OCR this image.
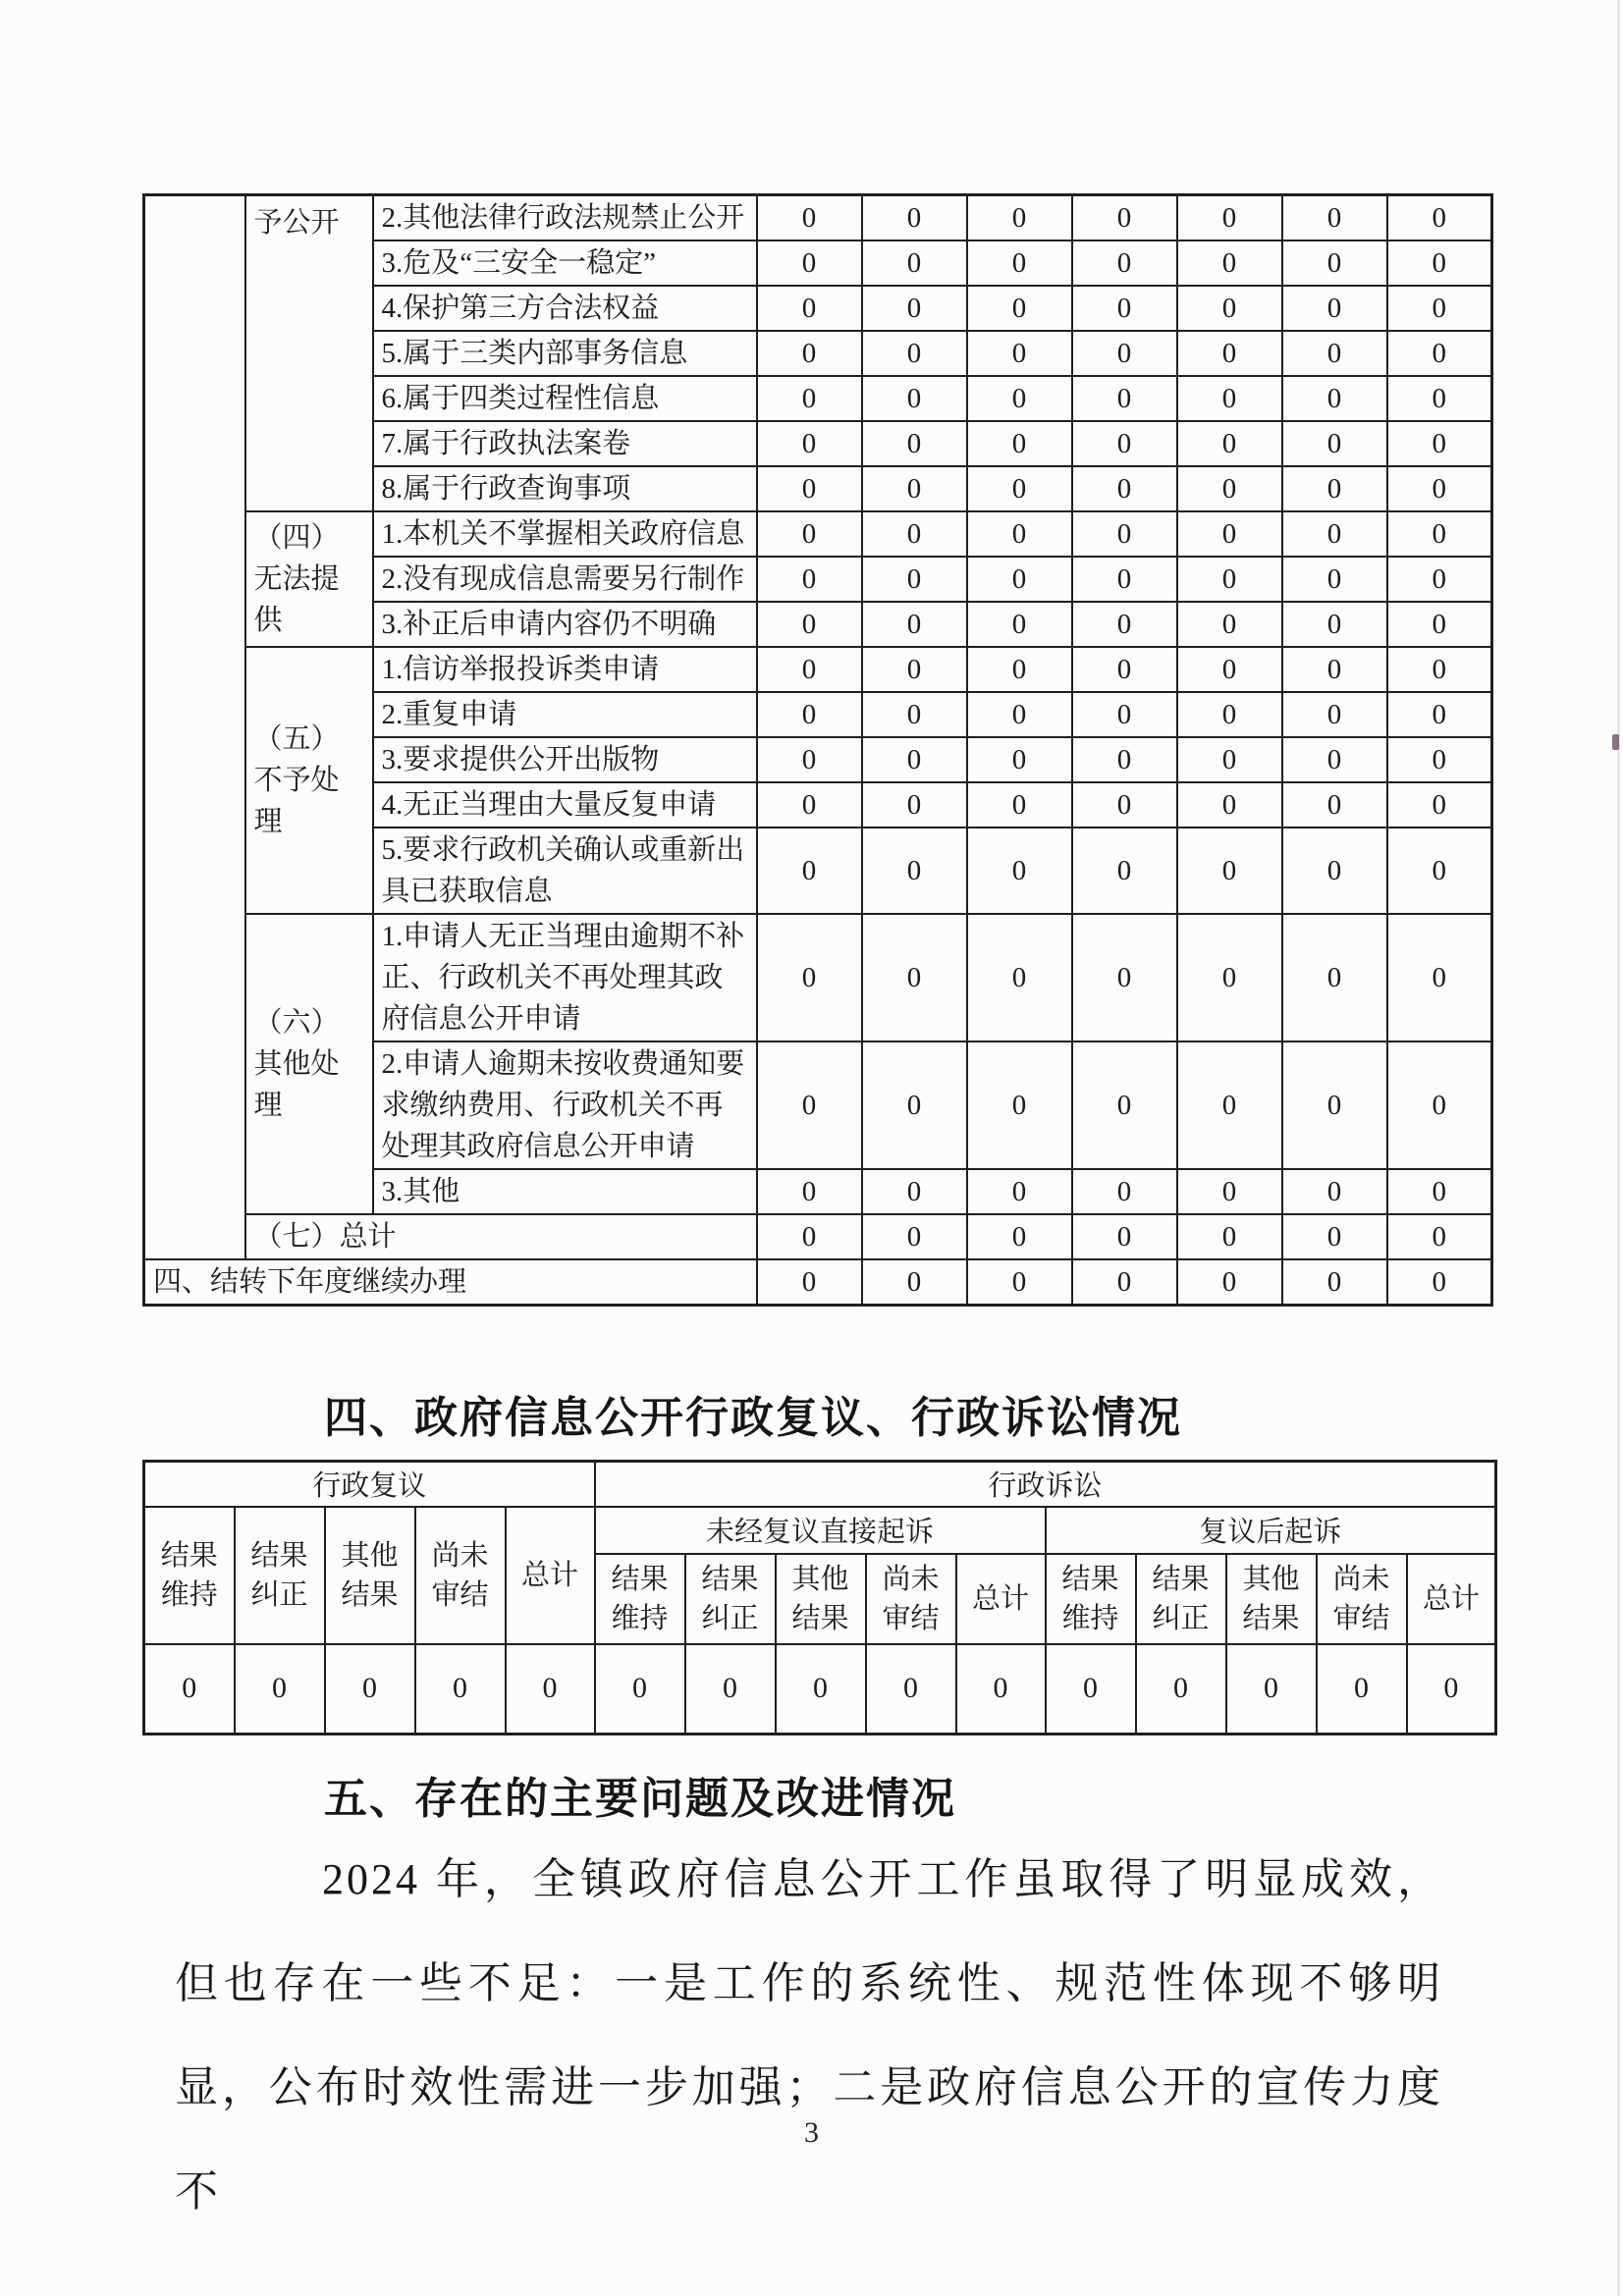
	予公开	2.其他法律行政法规禁止公开	0	0	0	0	0	0	0
		3.危及“三安全一稳定”	0	0	0	0	0	0	0
		4.保护第三方合法权益	0	0	0	0	0	0	0
		5.属于三类内部事务信息	0	0	0	0	0	0	0
		6.属于四类过程性信息	0	0	0	0	0	0	0
		7.属于行政执法案卷	0	0	0	0	0	0	0
		8.属于行政查询事项	0	0	0	0	0	0	0
	（四）无法提供	1.本机关不掌握相关政府信息	0	0	0	0	0	0	0
		2.没有现成信息需要另行制作	0	0	0	0	0	0	0
		3.补正后申请内容仍不明确	0	0	0	0	0	0	0
	（五）不予处理	1.信访举报投诉类申请	0	0	0	0	0	0	0
		2.重复申请	0	0	0	0	0	0	0
		3.要求提供公开出版物	0	0	0	0	0	0	0
		4.无正当理由大量反复申请	0	0	0	0	0	0	0
		5.要求行政机关确认或重新出具已获取信息	0	0	0	0	0	0	0
	（六）其他处理	1.申请人无正当理由逾期不补正、行政机关不再处理其政府信息公开申请	0	0	0	0	0	0	0
		2.申请人逾期未按收费通知要求缴纳费用、行政机关不再处理其政府信息公开申请	0	0	0	0	0	0	0
		3.其他	0	0	0	0	0	0	0
	（七）总计		0	0	0	0	0	0	0
四、结转下年度继续办理			0	0	0	0	0	0	0
四、政府信息公开行政复议、行政诉讼情况
行政复议					行政诉讼									
结果维持	结果纠正	其他结果	尚未审结	总计	未经复议直接起诉					复议后起诉				
					结果维持	结果纠正	其他结果	尚未审结	总计	结果维持	结果纠正	其他结果	尚未审结	总计
0	0	0	0	0	0	0	0	0	0	0	0	0	0	0
五、存在的主要问题及改进情况
2024 年，全镇政府信息公开工作虽取得了明显成效，但也存在一些不足：一是工作的系统性、规范性体现不够明显，公布时效性需进一步加强；二是政府信息公开的宣传力度不
3
